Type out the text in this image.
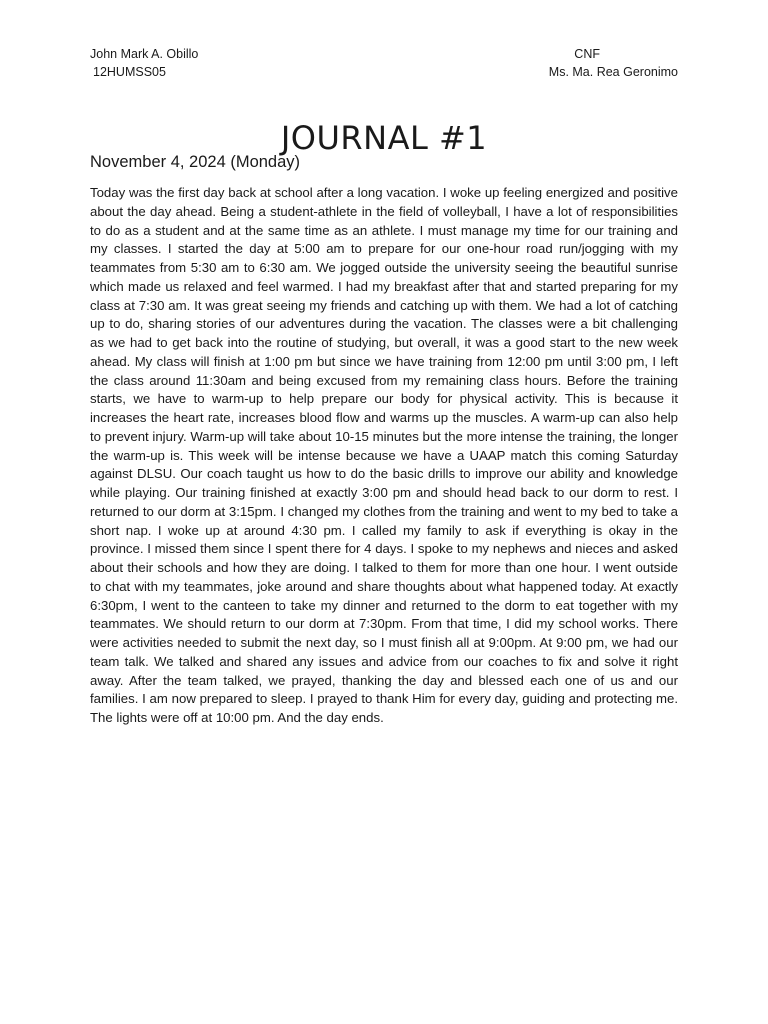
John Mark A. Obillo	CNF
12HUMSS05	Ms. Ma. Rea Geronimo
JOURNAL #1
November 4, 2024 (Monday)

Today was the first day back at school after a long vacation. I woke up feeling energized and positive about the day ahead. Being a student-athlete in the field of volleyball, I have a lot of responsibilities to do as a student and at the same time as an athlete. I must manage my time for our training and my classes. I started the day at 5:00 am to prepare for our one-hour road run/jogging with my teammates from 5:30 am to 6:30 am. We jogged outside the university seeing the beautiful sunrise which made us relaxed and feel warmed. I had my breakfast after that and started preparing for my class at 7:30 am. It was great seeing my friends and catching up with them. We had a lot of catching up to do, sharing stories of our adventures during the vacation. The classes were a bit challenging as we had to get back into the routine of studying, but overall, it was a good start to the new week ahead. My class will finish at 1:00 pm but since we have training from 12:00 pm until 3:00 pm, I left the class around 11:30am and being excused from my remaining class hours. Before the training starts, we have to warm-up to help prepare our body for physical activity. This is because it increases the heart rate, increases blood flow and warms up the muscles. A warm-up can also help to prevent injury. Warm-up will take about 10-15 minutes but the more intense the training, the longer the warm-up is. This week will be intense because we have a UAAP match this coming Saturday against DLSU. Our coach taught us how to do the basic drills to improve our ability and knowledge while playing. Our training finished at exactly 3:00 pm and should head back to our dorm to rest. I returned to our dorm at 3:15pm. I changed my clothes from the training and went to my bed to take a short nap. I woke up at around 4:30 pm. I called my family to ask if everything is okay in the province. I missed them since I spent there for 4 days. I spoke to my nephews and nieces and asked about their schools and how they are doing. I talked to them for more than one hour. I went outside to chat with my teammates, joke around and share thoughts about what happened today. At exactly 6:30pm, I went to the canteen to take my dinner and returned to the dorm to eat together with my teammates. We should return to our dorm at 7:30pm. From that time, I did my school works. There were activities needed to submit the next day, so I must finish all at 9:00pm. At 9:00 pm, we had our team talk. We talked and shared any issues and advice from our coaches to fix and solve it right away. After the team talked, we prayed, thanking the day and blessed each one of us and our families. I am now prepared to sleep. I prayed to thank Him for every day, guiding and protecting me. The lights were off at 10:00 pm. And the day ends.
